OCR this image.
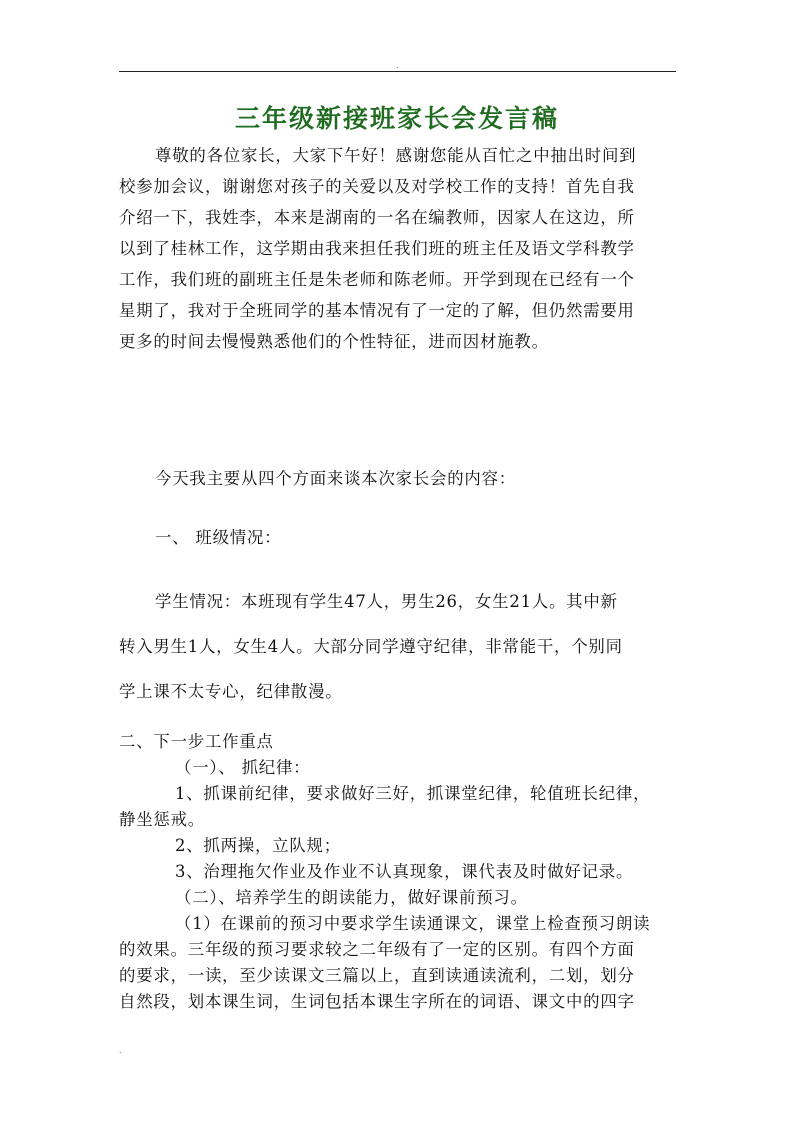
.
三年级新接班家长会发言稿
尊敬的各位家长，大家下午好！感谢您能从百忙之中抽出时间到
校参加会议，谢谢您对孩子的关爱以及对学校工作的支持！首先自我
介绍一下，我姓李，本来是湖南的一名在编教师，因家人在这边，所
以到了桂林工作，这学期由我来担任我们班的班主任及语文学科教学
工作，我们班的副班主任是朱老师和陈老师。开学到现在已经有一个
星期了，我对于全班同学的基本情况有了一定的了解，但仍然需要用
更多的时间去慢慢熟悉他们的个性特征，进而因材施教。
今天我主要从四个方面来谈本次家长会的内容：
一、 班级情况：
学生情况：本班现有学生47人，男生26，女生21人。其中新
转入男生1人，女生4人。大部分同学遵守纪律，非常能干，个别同
学上课不太专心，纪律散漫。
二、下一步工作重点
（一）、 抓纪律：
1、抓课前纪律，要求做好三好，抓课堂纪律，轮值班长纪律，
静坐惩戒。
2、抓两操，立队规；
3、治理拖欠作业及作业不认真现象，课代表及时做好记录。
（二）、培养学生的朗读能力，做好课前预习。
（1）在课前的预习中要求学生读通课文，课堂上检查预习朗读
的效果。三年级的预习要求较之二年级有了一定的区别。有四个方面
的要求，一读，至少读课文三篇以上，直到读通读流利，二划，划分
自然段，划本课生词，生词包括本课生字所在的词语、课文中的四字
.
